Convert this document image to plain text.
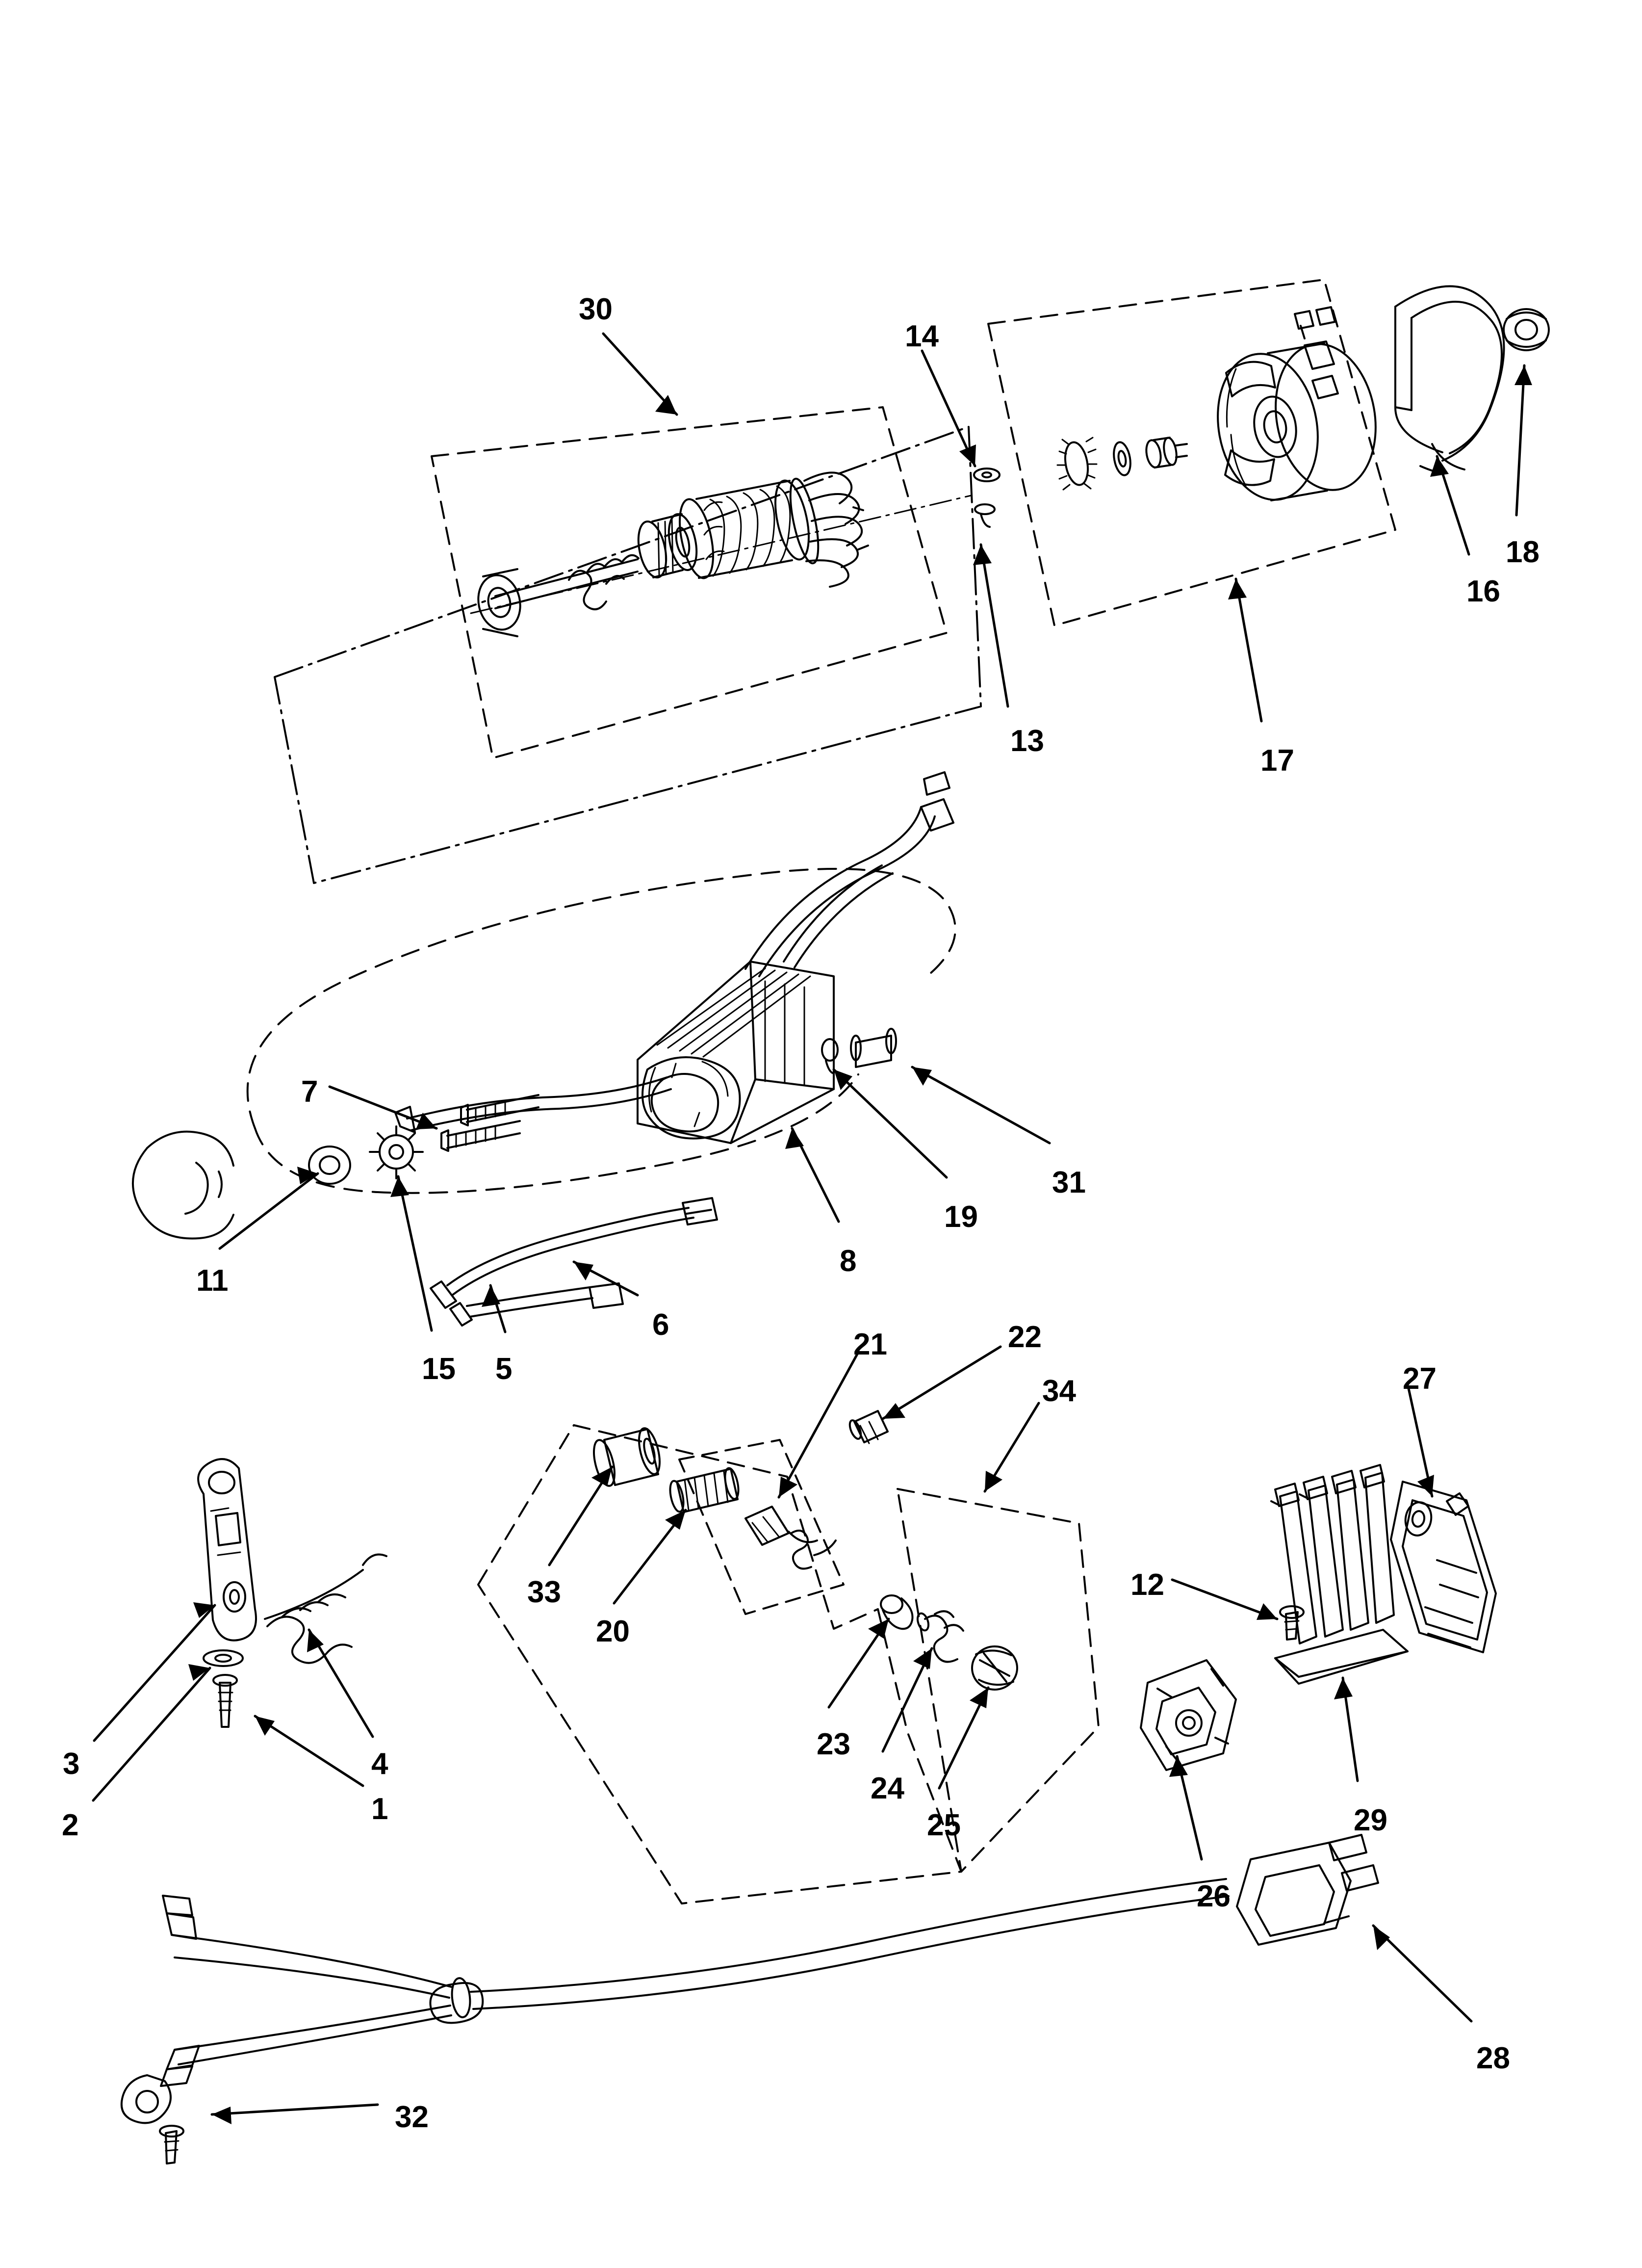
1
2
3	4
5
6
7
8
11
12
13
14
15
16
17
18
19
20
21	22
23
24
25
26
27
28
29
30
31
32
33
34
